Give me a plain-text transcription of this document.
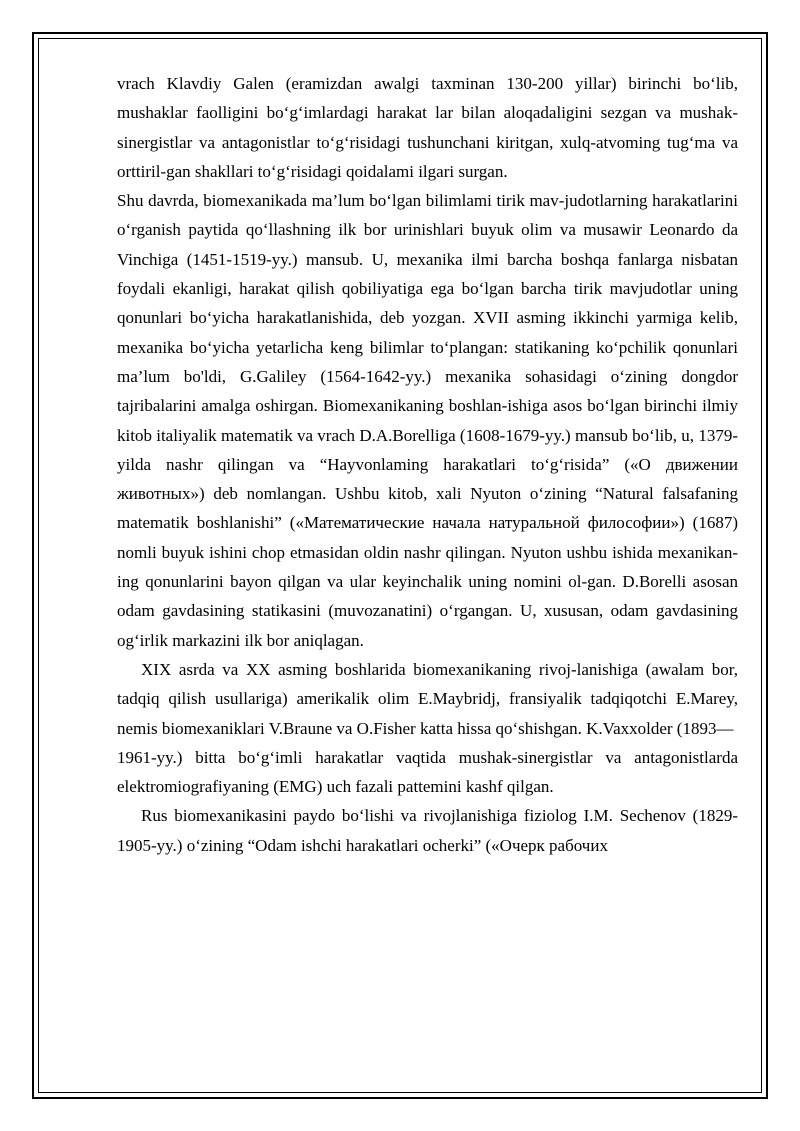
vrach Klavdiy Galen (eramizdan awalgi taxminan 130-200 yillar) birinchi bo‘lib, mushaklar faolligini bo‘g‘imlardagi harakat lar bilan aloqadaligini sezgan va mushak-sinergistlar va antagonistlar to‘g‘risidagi tushunchani kiritgan, xulq-atvoming tug‘ma va orttiril-gan shakllari to‘g‘risidagi qoidalami ilgari surgan.

Shu davrda, biomexanikada ma’lum bo‘lgan bilimlami tirik mav-judotlarning harakatlarini o‘rganish paytida qo‘llashning ilk bor urinishlari buyuk olim va musawir Leonardo da Vinchiga (1451-1519-yy.) mansub. U, mexanika ilmi barcha boshqa fanlarga nisbatan foydali ekanligi, harakat qilish qobiliyatiga ega bo‘lgan barcha tirik mavjudotlar uning qonunlari bo‘yicha harakatlanishida, deb yozgan. XVII asming ikkinchi yarmiga kelib, mexanika bo‘yicha yetarlicha keng bilimlar to‘plangan: statikaning ko‘pchilik qonunlari ma’lum bo'ldi, G.Galiley (1564-1642-yy.) mexanika sohasidagi o‘zining dongdor tajribalarini amalga oshirgan. Biomexanikaning boshlan-ishiga asos bo‘lgan birinchi ilmiy kitob italiyalik matematik va vrach D.A.Borelliga (1608-1679-yy.) mansub bo‘lib, u, 1379-yilda nashr qilingan va “Hayvonlaming harakatlari to‘g‘risida” («О движении животных») deb nomlangan. Ushbu kitob, xali Nyuton o‘zining “Natural falsafaning matematik boshlanishi” («Математические начала натуральной философии») (1687) nomli buyuk ishini chop etmasidan oldin nashr qilingan. Nyuton ushbu ishida mexanikan-ing qonunlarini bayon qilgan va ular keyinchalik uning nomini ol-gan. D.Borelli asosan odam gavdasining statikasini (muvozanatini) o‘rgangan. U, xususan, odam gavdasining og‘irlik markazini ilk bor aniqlagan.

XIX asrda va XX asming boshlarida biomexanikaning rivoj-lanishiga (awalam bor, tadqiq qilish usullariga) amerikalik olim E.Maybridj, fransiyalik tadqiqotchi E.Marey, nemis biomexaniklari V.Braune va O.Fisher katta hissa qo‘shishgan. K.Vaxxolder (1893—

1961-yy.) bitta bo‘g‘imli harakatlar vaqtida mushak-sinergistlar va antagonistlarda elektromiografiyaning (EMG) uch fazali pattemini kashf qilgan.

Rus biomexanikasini paydo bo‘lishi va rivojlanishiga fiziolog I.M. Sechenov (1829-1905-yy.) o‘zining “Odam ishchi harakatlari ocherki” («Очерк рабочих
